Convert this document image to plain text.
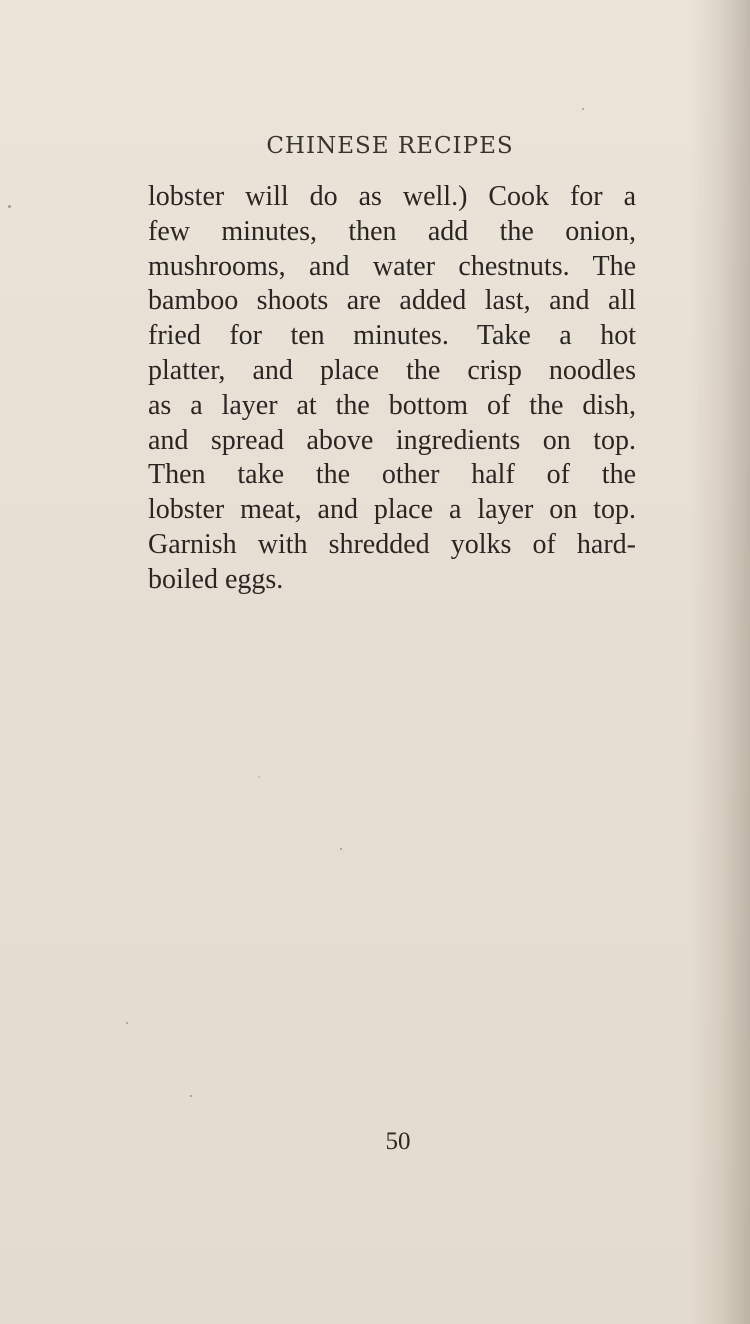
CHINESE RECIPES
lobster will do as well.) Cook for a
few minutes, then add the onion,
mushrooms, and water chestnuts. The
bamboo shoots are added last, and all
fried for ten minutes. Take a hot
platter, and place the crisp noodles
as a layer at the bottom of the dish,
and spread above ingredients on top.
Then take the other half of the
lobster meat, and place a layer on top.
Garnish with shredded yolks of hard-
boiled eggs.
50
